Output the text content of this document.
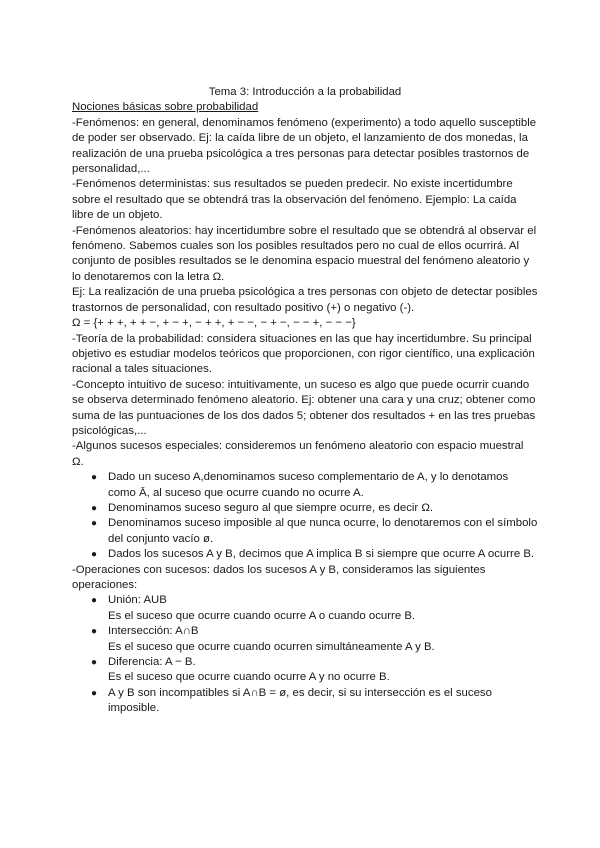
Tema 3: Introducción a la probabilidad

Nociones básicas sobre probabilidad

-Fenómenos: en general, denominamos fenómeno (experimento) a todo aquello susceptible de poder ser observado. Ej: la caída libre de un objeto, el lanzamiento de dos monedas, la realización de una prueba psicológica a tres personas para detectar posibles trastornos de personalidad,...

-Fenómenos deterministas: sus resultados se pueden predecir. No existe incertidumbre sobre el resultado que se obtendrá tras la observación del fenómeno. Ejemplo: La caída libre de un objeto.

-Fenómenos aleatorios: hay incertidumbre sobre el resultado que se obtendrá al observar el fenómeno. Sabemos cuales son los posibles resultados pero no cual de ellos ocurrirá. Al conjunto de posibles resultados se le denomina espacio muestral del fenómeno aleatorio y lo denotaremos con la letra Ω.

Ej: La realización de una prueba psicológica a tres personas con objeto de detectar posibles trastornos de personalidad, con resultado positivo (+) o negativo (-).

Ω = {+ + +, + + −, + − +, − + +, + − −, − + −, − − +, − − −}

-Teoría de la probabilidad: considera situaciones en las que hay incertidumbre. Su principal objetivo es estudiar modelos teóricos que proporcionen, con rigor científico, una explicación racional a tales situaciones.

-Concepto intuitivo de suceso: intuitivamente, un suceso es algo que puede ocurrir cuando se observa determinado fenómeno aleatorio. Ej: obtener una cara y una cruz; obtener como suma de las puntuaciones de los dos dados 5; obtener dos resultados + en las tres pruebas psicológicas,...

-Algunos sucesos especiales: consideremos un fenómeno aleatorio con espacio muestral Ω.

● Dado un suceso A,denominamos suceso complementario de A, y lo denotamos como Ā, al suceso que ocurre cuando no ocurre A.
● Denominamos suceso seguro al que siempre ocurre, es decir Ω.
● Denominamos suceso imposible al que nunca ocurre, lo denotaremos con el símbolo del conjunto vacío ø.
● Dados los sucesos A y B, decimos que A implica B si siempre que ocurre A ocurre B.

-Operaciones con sucesos: dados los sucesos A y B, consideramos las siguientes operaciones:

● Unión: AUB
Es el suceso que ocurre cuando ocurre A o cuando ocurre B.
● Intersección: A∩B
Es el suceso que ocurre cuando ocurren simultáneamente A y B.
● Diferencia: A − B.
Es el suceso que ocurre cuando ocurre A y no ocurre B.
● A y B son incompatibles si A∩B = ø, es decir, si su intersección es el suceso imposible.
